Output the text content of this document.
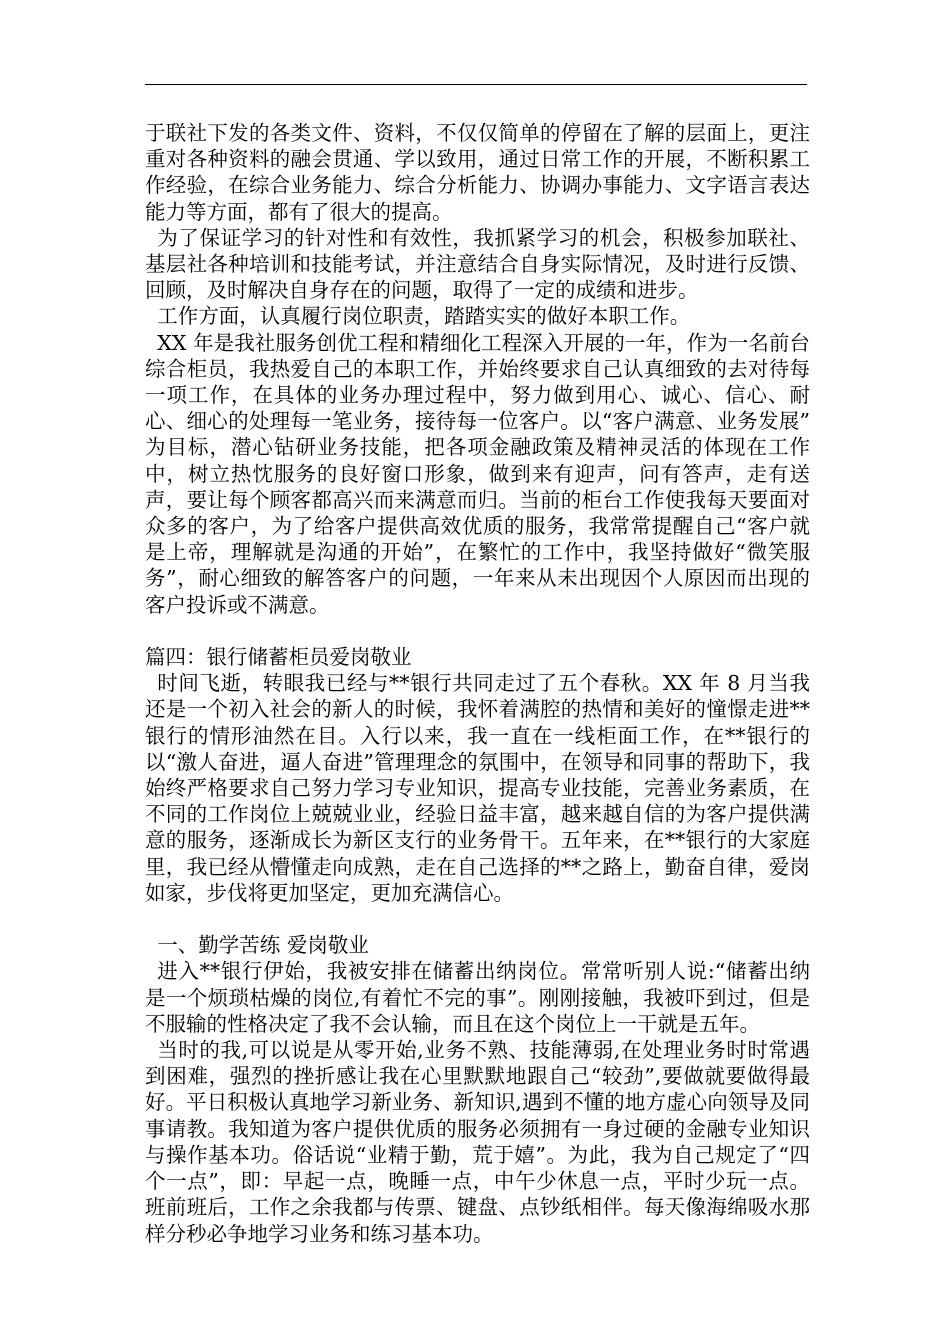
于联社下发的各类文件、资料，不仅仅简单的停留在了解的层面上，更注重对各种资料的融会贯通、学以致用，通过日常工作的开展，不断积累工作经验，在综合业务能力、综合分析能力、协调办事能力、文字语言表达能力等方面，都有了很大的提高。

为了保证学习的针对性和有效性，我抓紧学习的机会，积极参加联社、基层社各种培训和技能考试，并注意结合自身实际情况，及时进行反馈、回顾，及时解决自身存在的问题，取得了一定的成绩和进步。

工作方面，认真履行岗位职责，踏踏实实的做好本职工作。

XX 年是我社服务创优工程和精细化工程深入开展的一年，作为一名前台综合柜员，我热爱自己的本职工作，并始终要求自己认真细致的去对待每一项工作，在具体的业务办理过程中，努力做到用心、诚心、信心、耐心、细心的处理每一笔业务，接待每一位客户。以“客户满意、业务发展” 为目标，潜心钻研业务技能，把各项金融政策及精神灵活的体现在工作中，树立热忱服务的良好窗口形象，做到来有迎声，问有答声，走有送声，要让每个顾客都高兴而来满意而归。当前的柜台工作使我每天要面对众多的客户，为了给客户提供高效优质的服务，我常常提醒自己“客户就是上帝，理解就是沟通的开始”，在繁忙的工作中，我坚持做好“微笑服务”，耐心细致的解答客户的问题，一年来从未出现因个人原因而出现的客户投诉或不满意。

篇四：银行储蓄柜员爱岗敬业

时间飞逝，转眼我已经与**银行共同走过了五个春秋。XX 年 8 月当我还是一个初入社会的新人的时候，我怀着满腔的热情和美好的憧憬走进**银行的情形油然在目。入行以来，我一直在一线柜面工作，在**银行的以“激人奋进，逼人奋进”管理理念的氛围中，在领导和同事的帮助下，我始终严格要求自己努力学习专业知识，提高专业技能，完善业务素质，在不同的工作岗位上兢兢业业，经验日益丰富，越来越自信的为客户提供满意的服务，逐渐成长为新区支行的业务骨干。五年来，在**银行的大家庭里，我已经从懵懂走向成熟，走在自己选择的**之路上，勤奋自律，爱岗如家，步伐将更加坚定，更加充满信心。

一、勤学苦练 爱岗敬业

进入**银行伊始，我被安排在储蓄出纳岗位。常常听别人说:“储蓄出纳是一个烦琐枯燥的岗位,有着忙不完的事”。刚刚接触，我被吓到过，但是不服输的性格决定了我不会认输，而且在这个岗位上一干就是五年。

当时的我,可以说是从零开始,业务不熟、技能薄弱,在处理业务时时常遇到困难，强烈的挫折感让我在心里默默地跟自己“较劲”,要做就要做得最好。平日积极认真地学习新业务、新知识,遇到不懂的地方虚心向领导及同事请教。我知道为客户提供优质的服务必须拥有一身过硬的金融专业知识与操作基本功。俗话说“业精于勤，荒于嬉”。为此，我为自己规定了“四个一点”，即：早起一点，晚睡一点，中午少休息一点，平时少玩一点。班前班后，工作之余我都与传票、键盘、点钞纸相伴。每天像海绵吸水那样分秒必争地学习业务和练习基本功。
